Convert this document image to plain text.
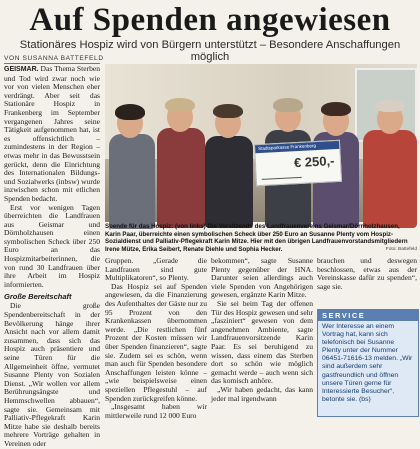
Auf Spenden angewiesen
Stationäres Hospiz wird von Bürgern unterstützt – Besondere Anschaffungen möglich
VON SUSANNA BATTEFELD

GEISMAR. Das Thema Sterben und Tod wird zwar noch wie vor von vielen Menschen eher verdrängt. Aber seit das Stationäre Hospiz in Frankenberg im September vergangenen Jahres seine Tätigkeit aufgenommen hat, ist es offensichtlich – zumindestens in der Region – etwas mehr in das Bewusstsein gerückt, denn die Einrichtung des Internationalen Bildungs- und Sozialwerks (inbsw) wurde inzwischen schon mit etlichen Spenden bedacht.

Erst vor wenigen Tagen überreichten die Landfrauen aus Geismar und Dörnholzhausen einen symbolischen Scheck über 250 Euro an das Hospizmitarbeiterinnen, die von rund 30 Landfrauen über ihre Arbeit im Hospiz informierten.

Große Bereitschaft

Die große Spendenbereitschaft in der Bevölkerung hänge ihrer Ansicht nach vor allem damit zusammen, dass sich das Hospiz auch präsentiere und seine Türen für die Allgemeinheit öffne, vermutet Susanne Plenty von Sozialen Dienst. „Wir wollen vor allem Berührungsängste und Hemmschwellen abbauen“, sagte sie. Gemeinsam mit Palliativ-Pflegekraft Karin Mitze habe sie deshalb bereits mehrere Vorträge gehalten in Vereinen oder

Stadtsparkasse Frankenberg
€ 250,-
Spende für das Hospiz: (von links) Die Vorsitzende des Landfrauenvereins Geismar/Dörnholzhausen, Karin Paar, überreichte einen symbolischen Scheck über 250 Euro an Susanne Plenty vom Hospiz-Sozialdienst und Palliativ-Pflegekraft Karin Mitze. Hier mit den übrigen Landfrauenvorstandsmitgliedern Irene Mütze, Erika Seibert, Renate Diehle und Sophia Hecker.	Foto: Battefeld

Gruppen. „Gerade die Landfrauen sind gute Multiplikatoren“, so Plenty.

Das Hospiz sei auf Spenden angewiesen, da die Finanzierung des Aufenthaltes der Gäste nur zu 95 Prozent von den Krankenkassen übernommen werde. „Die restlichen fünf Prozent der Kosten müssen wir über Spenden finanzieren“, sagte sie. Zudem sei es schön, wenn man auch für Spenden besondere Anschaffungen leisten könne – „wie beispielsweise einen speziellen Pflegestuhl – auf Spenden zurückgreifen könne.

„Insgesamt haben wir mittlerweile rund 12 000 Euro

bekommen“, sagte Susanne Plenty gegenüber der HNA. Darunter seien allerdings auch viele Spenden von Angehörigen gewesen, ergänzte Karin Mitze.

Sie sei beim Tag der offenen Tür des Hospiz gewesen und sehr „fasziniert“ gewesen von dem angenehmen Ambiente, sagte Landfrauenvorsitzende Karin Paar. Es sei beruhigend zu wissen, dass einem das Sterben dort so schön wie möglich gemacht werde – auch wenn sich das komisch anhöre.

„Wir haben gedacht, das kann jeder mal irgendwann

brauchen und deswegen beschlossen, etwas aus der Vereinskasse dafür zu spenden“, sage sie.

SERVICE
Wer Interesse an einem Vortrag hat, kann sich telefonisch bei Susanne Plenty unter der Nummer 06451-71616-13 melden. „Wir sind außerdem sehr gastfreundlich und öffnen unsere Türen gerne für Interessierte Besucher“, betonte sie. (bs)
